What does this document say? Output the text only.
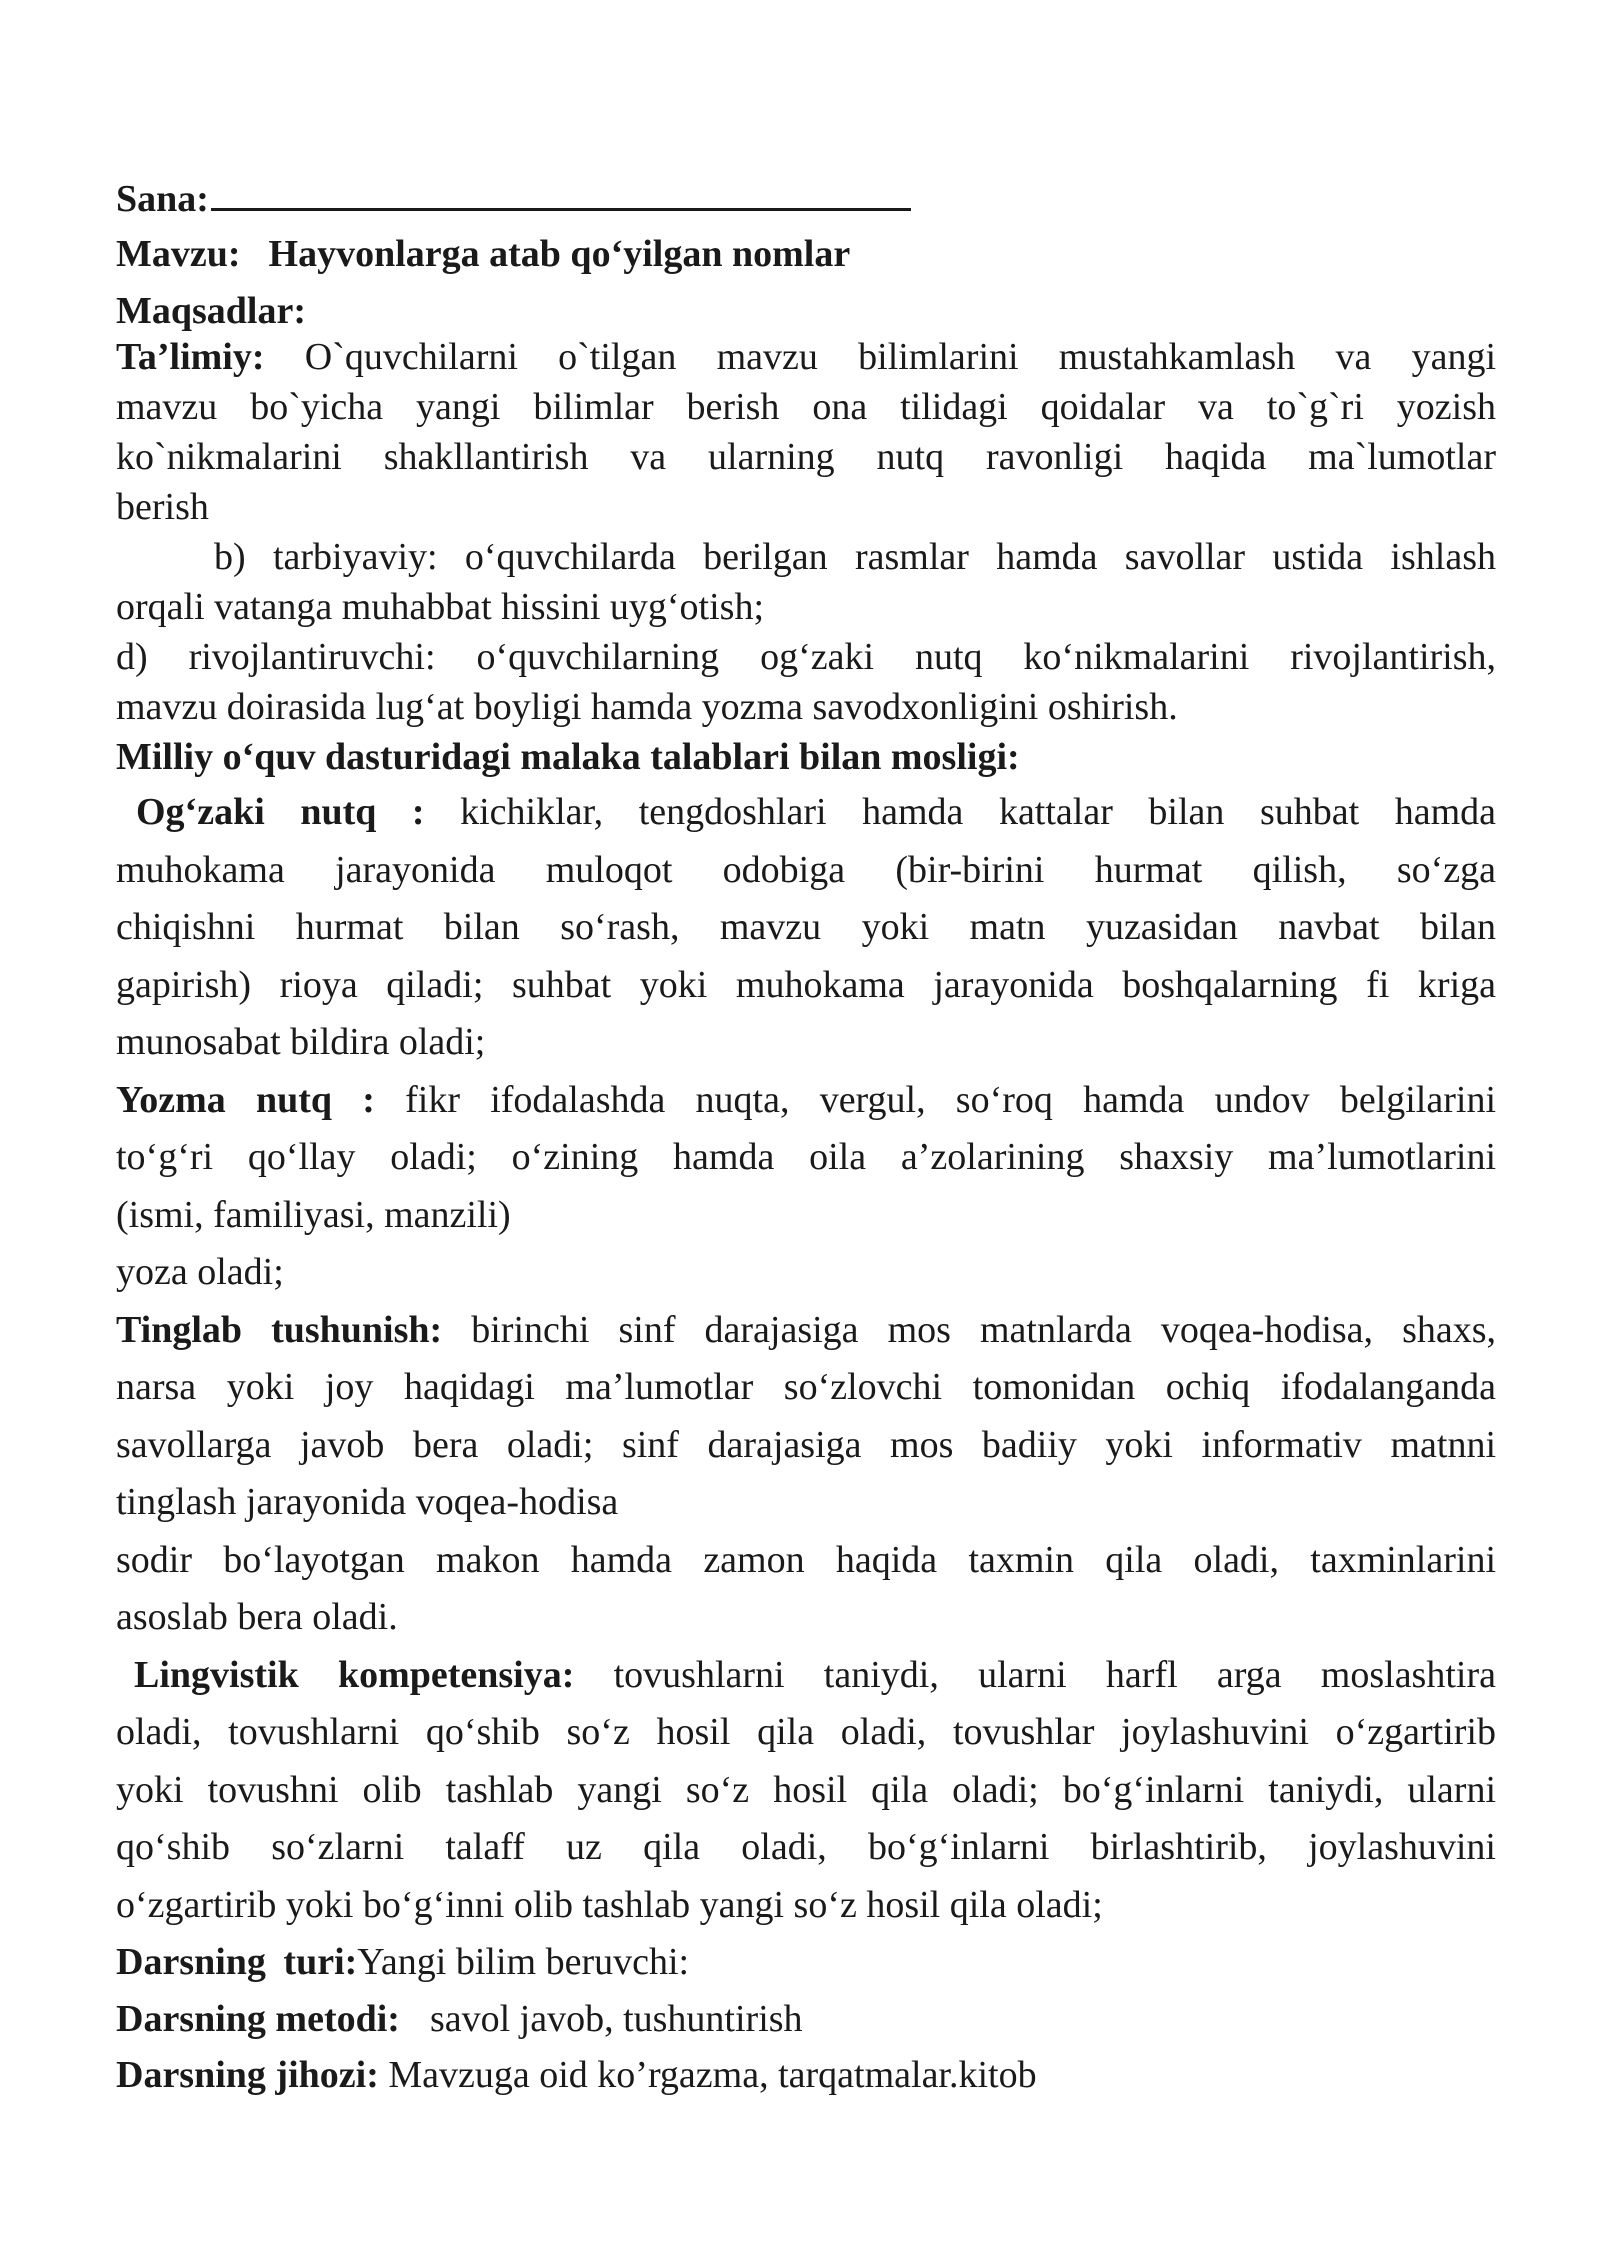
Sana:
Mavzu: Hayvonlarga atab qo‘yilgan nomlar
Maqsadlar:
Ta’limiy: O`quvchilarni o`tilgan mavzu bilimlarini mustahkamlash va yangi
mavzu bo`yicha yangi bilimlar berish ona tilidagi qoidalar va to`g`ri yozish
ko`nikmalarini shakllantirish va ularning nutq ravonligi haqida ma`lumotlar
berish
b) tarbiyaviy: o‘quvchilarda berilgan rasmlar hamda savollar ustida ishlash
orqali vatanga muhabbat hissini uyg‘otish;
d) rivojlantiruvchi: o‘quvchilarning og‘zaki nutq ko‘nikmalarini rivojlantirish,
mavzu doirasida lug‘at boyligi hamda yozma savodxonligini oshirish.
Milliy o‘quv dasturidagi malaka talablari bilan mosligi:
Og‘zaki nutq : kichiklar, tengdoshlari hamda kattalar bilan suhbat hamda
muhokama jarayonida muloqot odobiga (bir-birini hurmat qilish, so‘zga
chiqishni hurmat bilan so‘rash, mavzu yoki matn yuzasidan navbat bilan
gapirish) rioya qiladi; suhbat yoki muhokama jarayonida boshqalarning fi kriga
munosabat bildira oladi;
Yozma nutq : fikr ifodalashda nuqta, vergul, so‘roq hamda undov belgilarini
to‘g‘ri qo‘llay oladi; o‘zining hamda oila a’zolarining shaxsiy ma’lumotlarini
(ismi, familiyasi, manzili)
yoza oladi;
Tinglab tushunish: birinchi sinf darajasiga mos matnlarda voqea-hodisa, shaxs,
narsa yoki joy haqidagi ma’lumotlar so‘zlovchi tomonidan ochiq ifodalanganda
savollarga javob bera oladi; sinf darajasiga mos badiiy yoki informativ matnni
tinglash jarayonida voqea-hodisa
sodir bo‘layotgan makon hamda zamon haqida taxmin qila oladi, taxminlarini
asoslab bera oladi.
Lingvistik kompetensiya: tovushlarni taniydi, ularni harfl arga moslashtira
oladi, tovushlarni qo‘shib so‘z hosil qila oladi, tovushlar joylashuvini o‘zgartirib
yoki tovushni olib tashlab yangi so‘z hosil qila oladi; bo‘g‘inlarni taniydi, ularni
qo‘shib so‘zlarni talaff uz qila oladi, bo‘g‘inlarni birlashtirib, joylashuvini
o‘zgartirib yoki bo‘g‘inni olib tashlab yangi so‘z hosil qila oladi;
Darsning turi:Yangi bilim beruvchi:
Darsning metodi: savol javob, tushuntirish
Darsning jihozi: Mavzuga oid ko’rgazma, tarqatmalar.kitob
